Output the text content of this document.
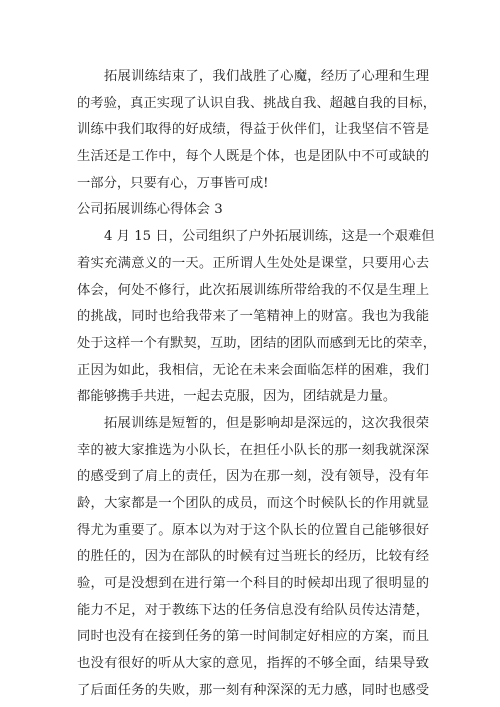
拓展训练结束了，我们战胜了心魔，经历了心理和生理
的考验，真正实现了认识自我、挑战自我、超越自我的目标，
训练中我们取得的好成绩，得益于伙伴们，让我坚信不管是
生活还是工作中，每个人既是个体，也是团队中不可或缺的
一部分，只要有心，万事皆可成!
公司拓展训练心得体会 3
4 月 15 日，公司组织了户外拓展训练，这是一个艰难但
着实充满意义的一天。正所谓人生处处是课堂，只要用心去
体会，何处不修行，此次拓展训练所带给我的不仅是生理上
的挑战，同时也给我带来了一笔精神上的财富。我也为我能
处于这样一个有默契，互助，团结的团队而感到无比的荣幸，
正因为如此，我相信，无论在未来会面临怎样的困难，我们
都能够携手共进，一起去克服，因为，团结就是力量。
拓展训练是短暂的，但是影响却是深远的，这次我很荣
幸的被大家推选为小队长，在担任小队长的那一刻我就深深
的感受到了肩上的责任，因为在那一刻，没有领导，没有年
龄，大家都是一个团队的成员，而这个时候队长的作用就显
得尤为重要了。原本以为对于这个队长的位置自己能够很好
的胜任的，因为在部队的时候有过当班长的经历，比较有经
验，可是没想到在进行第一个科目的时候却出现了很明显的
能力不足，对于教练下达的任务信息没有给队员传达清楚，
同时也没有在接到任务的第一时间制定好相应的方案，而且
也没有很好的听从大家的意见，指挥的不够全面，结果导致
了后面任务的失败，那一刻有种深深的无力感，同时也感受
